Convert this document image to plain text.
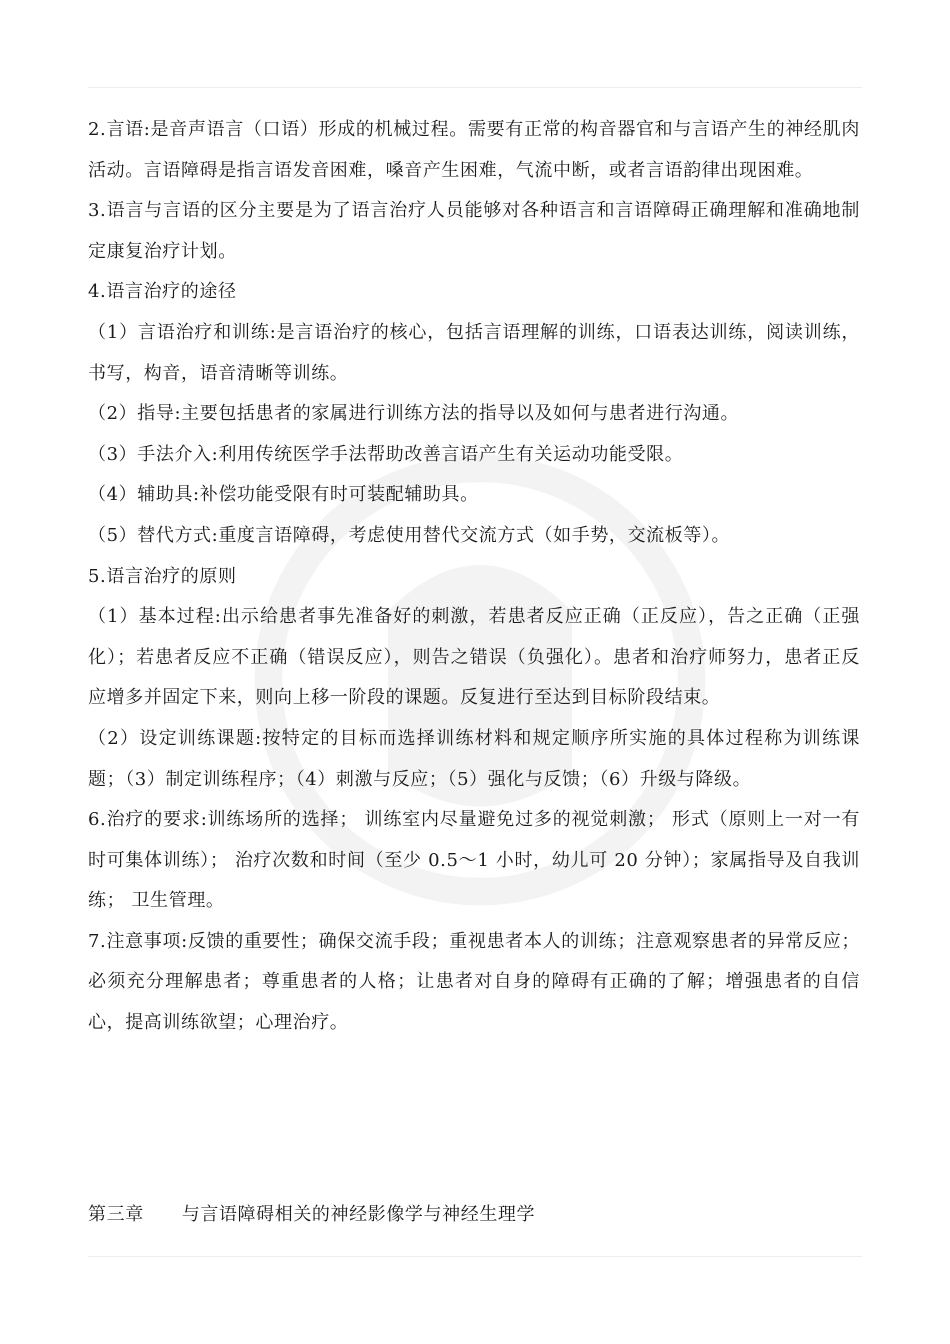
2.言语:是音声语言（口语）形成的机械过程。需要有正常的构音器官和与言语产生的神经肌肉活动。言语障碍是指言语发音困难，嗓音产生困难，气流中断，或者言语韵律出现困难。

3.语言与言语的区分主要是为了语言治疗人员能够对各种语言和言语障碍正确理解和准确地制定康复治疗计划。

4.语言治疗的途径

（1）言语治疗和训练:是言语治疗的核心，包括言语理解的训练，口语表达训练，阅读训练，书写，构音，语音清晰等训练。

（2）指导:主要包括患者的家属进行训练方法的指导以及如何与患者进行沟通。

（3）手法介入:利用传统医学手法帮助改善言语产生有关运动功能受限。

（4）辅助具:补偿功能受限有时可装配辅助具。

（5）替代方式:重度言语障碍，考虑使用替代交流方式（如手势，交流板等）。

5.语言治疗的原则

（1）基本过程:出示给患者事先准备好的刺激，若患者反应正确（正反应），告之正确（正强化）；若患者反应不正确（错误反应），则告之错误（负强化）。患者和治疗师努力，患者正反应增多并固定下来，则向上移一阶段的课题。反复进行至达到目标阶段结束。

（2）设定训练课题:按特定的目标而选择训练材料和规定顺序所实施的具体过程称为训练课题；（3）制定训练程序；（4）刺激与反应；（5）强化与反馈；（6）升级与降级。

6.治疗的要求:训练场所的选择； 训练室内尽量避免过多的视觉刺激； 形式（原则上一对一有时可集体训练）； 治疗次数和时间（至少 0.5～1 小时，幼儿可 20 分钟）；家属指导及自我训练； 卫生管理。

7.注意事项:反馈的重要性；确保交流手段；重视患者本人的训练；注意观察患者的异常反应；必须充分理解患者；尊重患者的人格；让患者对自身的障碍有正确的了解；增强患者的自信心，提高训练欲望；心理治疗。

第三章      与言语障碍相关的神经影像学与神经生理学
